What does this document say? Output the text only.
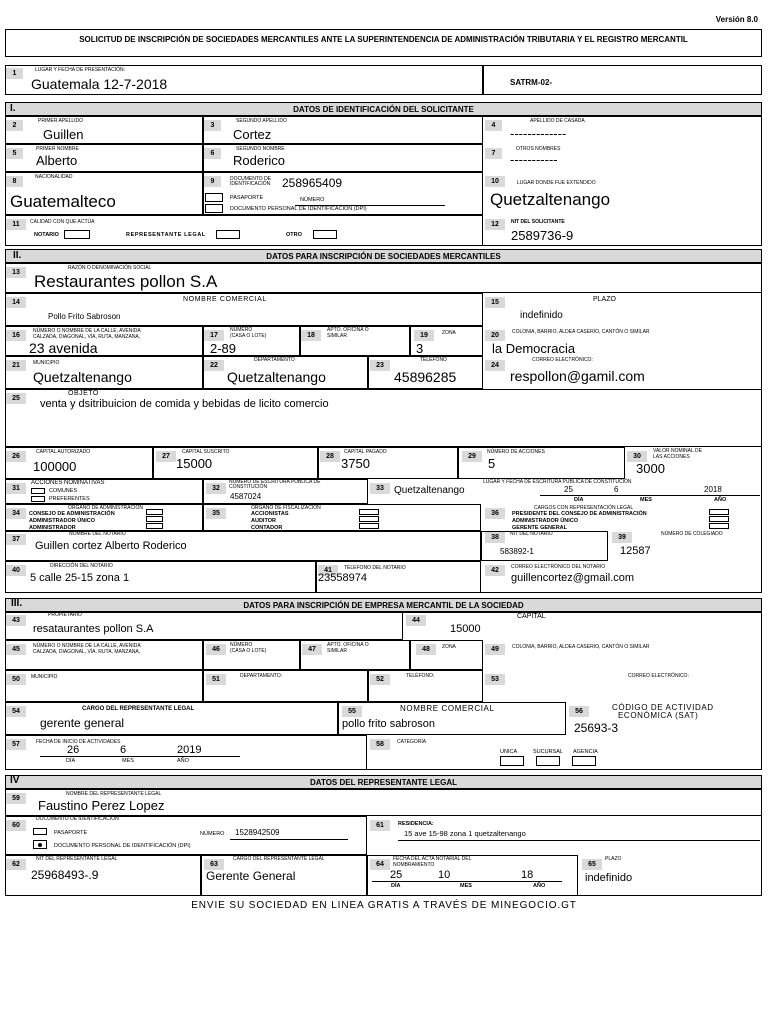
Versión 8.0
SOLICITUD DE INSCRIPCIÓN DE SOCIEDADES MERCANTILES ANTE LA SUPERINTENDENCIA DE ADMINISTRACIÓN TRIBUTARIA Y EL REGISTRO MERCANTIL
1	LUGAR Y FECHA DE PRESENTACIÓN:
Guatemala 12-7-2018	SATRM-02-
DATOS DE IDENTIFICACIÓN DEL SOLICITANTE
I.
2
PRIMER APELLIDO
Guillen
3
SEGUNDO APELLIDO
Cortez
4
APELLIDO DE CASADA
-------------
5
PRIMER NOMBRE
Alberto	6
SEGUNDO NOMBRE
Roderico	7
OTROS NOMBRES
-----------
8
NACIONALIDAD
Guatemalteco
9	DOCUMENTO DE
IDENTIFICACIÓN 258965409
PASAPORTE	NÚMERO
DOCUMENTO PERSONAL DE IDENTIFICACIÓN (DPI)
10	LUGAR DONDE FUE EXTENDIDO
Quetzaltenango
11	CALIDAD CON QUE ACTÚA
NOTARIO	REPRESENTANTE LEGAL	OTRO
12	NIT DEL SOLICITANTE
2589736-9
DATOS PARA INSCRIPCIÓN DE SOCIEDADES MERCANTILES
II.
13
RAZÓN O DENOMINACIÓN SOCIAL
Restaurantes pollon S.A
14	NOMBRE COMERCIAL
Pollo Frito Sabroson
15	PLAZO
indefinido
16
NÚMERO O NOMBRE DE LA CALLE, AVENIDA
CALZADA, DIAGONAL, VÍA, RUTA, MANZANA,
23 avenida
17
NÚMERO
(CASA O LOTE)
2-89
18
APTO. OFICINA O
SIMILAR	19	ZONA
3
20	COLONIA, BARRIO, ALDEA CASERIO, CANTÓN O SIMILAR
la Democracia
21	MUNICIPIO
Quetzaltenango
22
DEPARTAMENTO
Quetzaltenango
23
TELEFONO
45896285
24
CORREO ELECTRÓNICO:
respollon@gamil.com
25
OBJETO
venta y dsitribuicion de comida y bebidas de licito comercio
26
CAPITAL AUTORIZADO
100000
27
CAPITAL SUSCRITO
15000	28
CAPITAL PAGADO
3750	29
NÚMERO DE ACCIONES
5	30
VALOR NOMINAL DE
LAS ACCIONES
3000
31
ACCIONES NOMINATIVAS
COMUNES
PREFERENTES
32
NÚMERO DE ESCRITURA PÚBLICA DE
CONSTITUCIÓN
4587024
33
LUGAR Y FECHA DE ESCRITURA PÚBLICA DE CONSTITUCIÓN
Quetzaltenango	25	6	2018
DÍA	MES	AÑO
34
ORGANO DE ADMINISTRACIÓN
CONSEJO DE ADMINISTRACIÓN
ADMINISTRADOR ÚNICO
ADMINISTRADOR
35
ORGANO DE FISCALIZACIÓN
ACCIONISTAS
AUDITOR
CONTADOR
36
CARGOS CON REPRESENTACIÓN LEGAL
PRESIDENTE DEL CONSEJO DE ADMINISTRACIÓN
ADMINISTRADOR ÚNICO
GERENTE GENERAL
37
NOMBRE DEL NOTARIO
Guillen cortez Alberto Roderico
38	NIT DEL NOTARIO
583892-1
39	NÚMERO DE COLEGIADO
12587
40
DIRECCIÓN DEL NOTARIO
5 calle 25-15 zona 1
41	TELEFONO DEL NOTARIO
23558974
42	CORREO ELECTRÓNICO DEL NOTARIO
guillencortez@gmail.com
DATOS PARA INSCRIPCIÓN DE EMPRESA MERCANTIL DE LA SOCIEDAD
III.
43
PROPIETARIO
resataurantes pollon S.A
44
CAPITAL
15000
45	NÚMERO O NOMBRE DE LA CALLE, AVENIDA
CALZADA, DIAGONAL, VÍA, RUTA, MANZANA,	46
NÚMERO
(CASA O LOTE)	47
APTO. OFICINA O
SIMILAR	48	ZONA	49	COLONIA, BARRIO, ALDEA CASERIO, CANTÓN O SIMILAR
50	MUNICIPIO	51	DEPARTAMENTO:	52	TELÉFONO:	53	CORREO ELECTRÓNICO:
54	CARGO DEL REPRESENTANTE LEGAL
gerente general
55	NOMBRE COMERCIAL
pollo frito sabroson
56	CÓDIGO DE ACTIVIDAD
ECONÓMICA (SAT)
25693-3
57	FECHA DE INICIO DE ACTIVIDADES
26	6	2019
DÍA	MES	AÑO
58	CATEGORÍA
UNICA	SUCURSAL AGENCIA
DATOS DEL REPRESENTANTE LEGAL
IV
59
NOMBRE DEL REPRESENTANTE LEGAL
Faustino Perez Lopez
60
DOCUMENTO DE IDENTIFICACIÓN
PASAPORTE	NÚMERO 1528942509
DOCUMENTO PERSONAL DE IDENTIFICACIÓN (DPI)
61	RESIDENCIA:
15 ave 15-98 zona 1 quetzaltenango
62
NIT DEL REPRESENTANTE LEGAL
25968493-.9
63
CARGO DEL REPRESENTANTE LEGAL
Gerente General
64
FECHA DEL ACTA NOTARIAL DEL
NOMBRAMIENTO
25	10	18
DÍA	MES	AÑO
65
PLAZO
indefinido
ENVIE SU SOCIEDAD EN LINEA GRATIS A TRAVÉS DE MINEGOCIO.GT
